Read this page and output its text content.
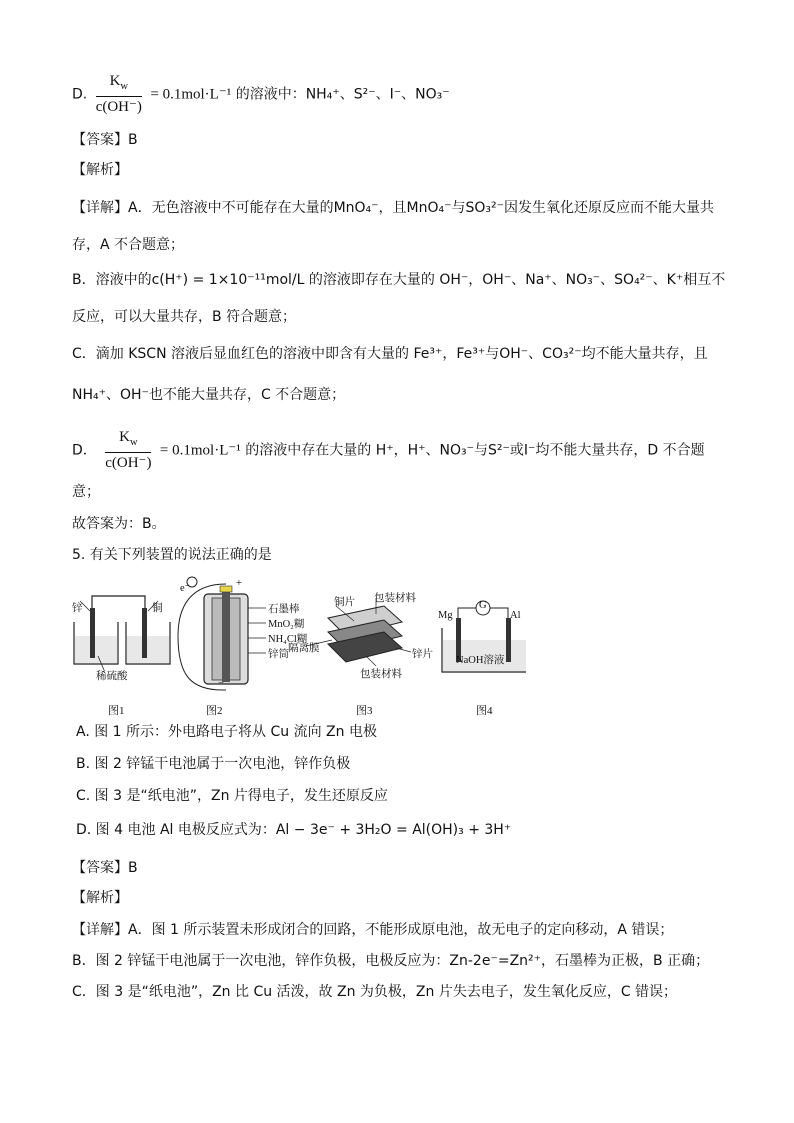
D. $\frac{K_w}{c(OH^-)} = 0.1mol\cdot L^{-1}$ 的溶液中：NH₄⁺、S²⁻、I⁻、NO₃⁻
【答案】B
【解析】
【详解】A．无色溶液中不可能存在大量的MnO₄⁻，且MnO₄⁻与SO₃²⁻因发生氧化还原反应而不能大量共
存，A 不合题意；
B．溶液中的c(H⁺) = 1×10⁻¹¹mol/L 的溶液即存在大量的 OH⁻，OH⁻、Na⁺、NO₃⁻、SO₄²⁻、K⁺相互不
反应，可以大量共存，B 符合题意；
C．滴加 KSCN 溶液后显血红色的溶液中即含有大量的 Fe³⁺，Fe³⁺与OH⁻、CO₃²⁻均不能大量共存，且
NH₄⁺、OH⁻也不能大量共存，C 不合题意；
D． $\frac{K_w}{c(OH^-)} = 0.1mol\cdot L^{-1}$ 的溶液中存在大量的 H⁺，H⁺、NO₃⁻与S²⁻或I⁻均不能大量共存，D 不合题
意；
故答案为：B。
5. 有关下列装置的说法正确的是
锌	铜
稀硫酸
图1
e⁻	+
−
石墨棒
MnO₂糊
NH₄Cl糊
锌筒
图2
铜片 包装材料
隔离膜
锌片
包装材料
图3
Mg	Al
G
NaOH溶液
图4
A. 图 1 所示：外电路电子将从 Cu 流向 Zn 电极
B. 图 2 锌锰干电池属于一次电池，锌作负极
C. 图 3 是“纸电池”，Zn 片得电子，发生还原反应
D. 图 4 电池 Al 电极反应式为：Al − 3e⁻ + 3H₂O = Al(OH)₃ + 3H⁺
【答案】B
【解析】
【详解】A．图 1 所示装置未形成闭合的回路，不能形成原电池，故无电子的定向移动，A 错误；
B．图 2 锌锰干电池属于一次电池，锌作负极，电极反应为：Zn-2e⁻=Zn²⁺，石墨棒为正极，B 正确；
C．图 3 是“纸电池”，Zn 比 Cu 活泼，故 Zn 为负极，Zn 片失去电子，发生氧化反应，C 错误；
